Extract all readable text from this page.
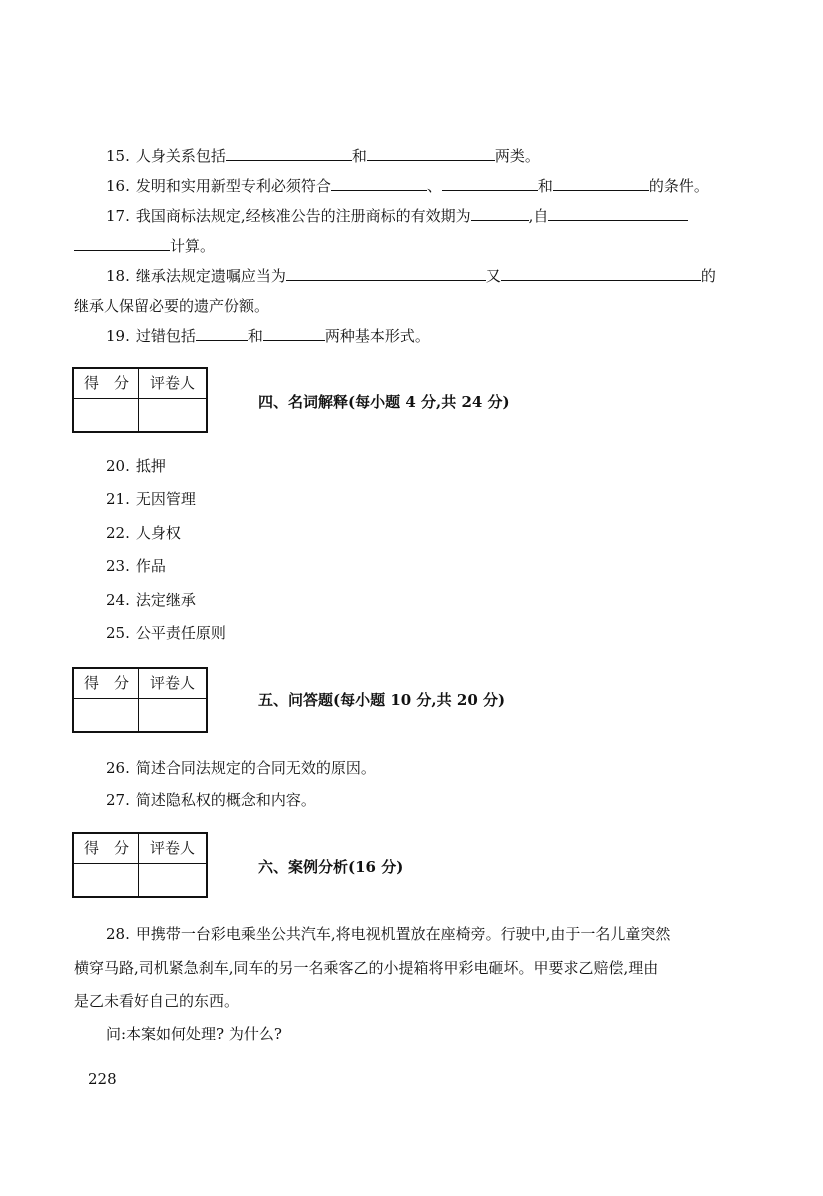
15. 人身关系包括	和	两类。
16. 发明和实用新型专利必须符合	、	和	的条件。
17. 我国商标法规定,经核准公告的注册商标的有效期为	,自
计算。
18. 继承法规定遗嘱应当为	又	的
继承人保留必要的遗产份额。
19. 过错包括	和	两种基本形式。
得　分 评卷人
四、名词解释(每小题 4 分,共 24 分)
20. 抵押
21. 无因管理
22. 人身权
23. 作品
24. 法定继承
25. 公平责任原则
得　分 评卷人
五、问答题(每小题 10 分,共 20 分)
26. 简述合同法规定的合同无效的原因。
27. 简述隐私权的概念和内容。
得　分 评卷人
六、案例分析(16 分)
28. 甲携带一台彩电乘坐公共汽车,将电视机置放在座椅旁。行驶中,由于一名儿童突然
横穿马路,司机紧急刹车,同车的另一名乘客乙的小提箱将甲彩电砸坏。甲要求乙赔偿,理由
是乙未看好自己的东西。
问:本案如何处理? 为什么?
228
